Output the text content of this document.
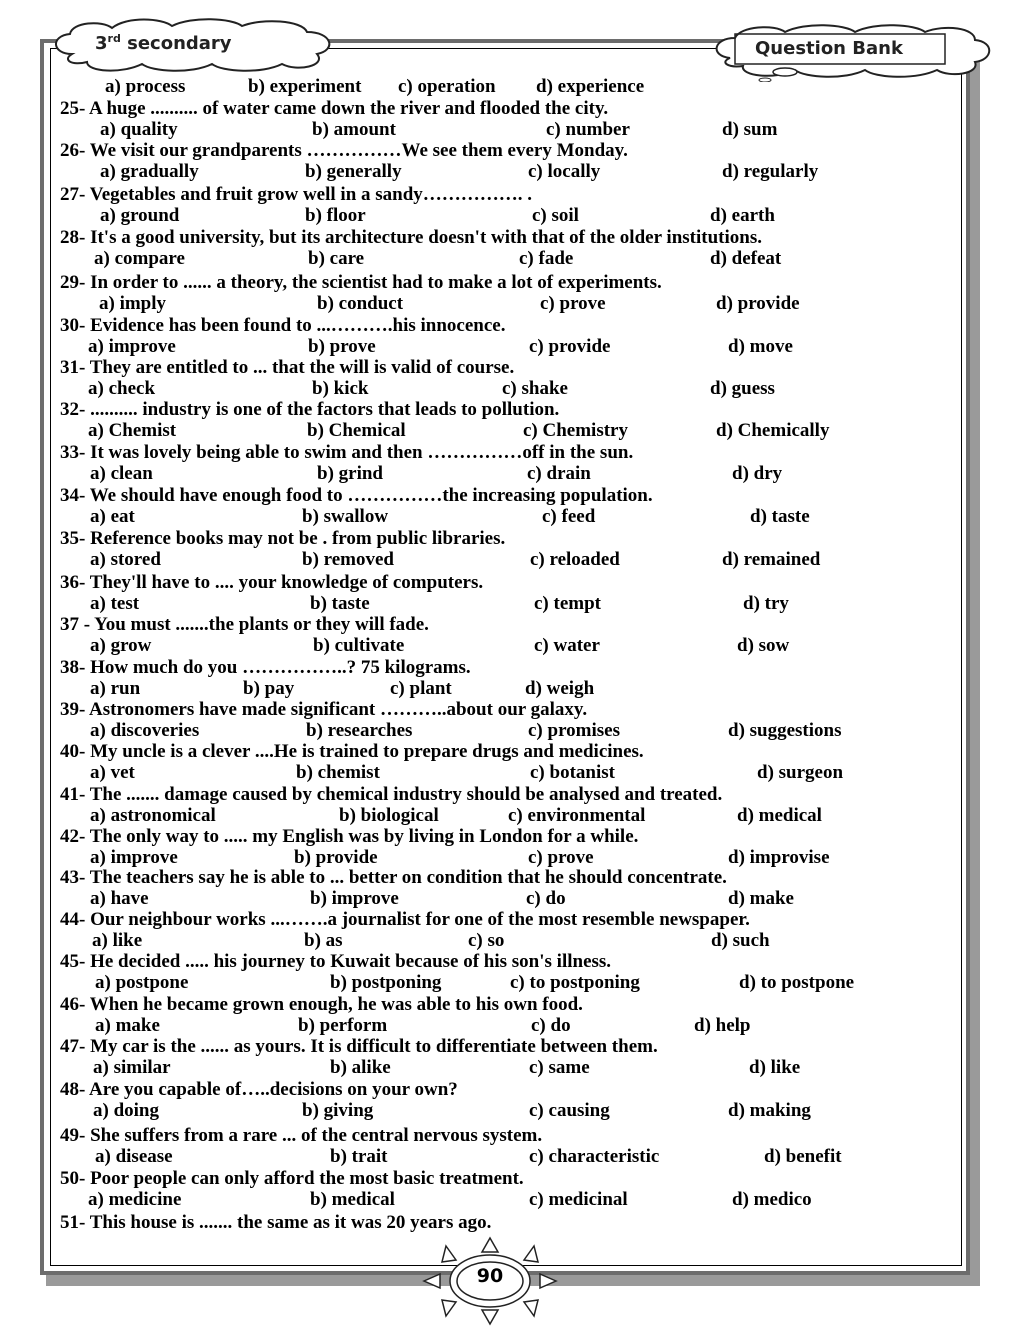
3rd secondary	Question Bank
a) process	b) experiment c) operation d) experience
25- A huge .......... of water came down the river and flooded the city.
a) quality	b) amount	c) number	d) sum
26- We visit our grandparents ……………We see them every Monday.
a) gradually	b) generally	c) locally	d) regularly
27- Vegetables and fruit grow well in a sandy……………. .
a) ground	b) floor	c) soil	d) earth
28- It's a good university, but its architecture doesn't with that of the older institutions.
a) compare	b) care	c) fade	d) defeat
29- In order to ...... a theory, the scientist had to make a lot of experiments.
a) imply	b) conduct	c) prove	d) provide
30- Evidence has been found to ...……….his innocence.
a) improve	b) prove	c) provide	d) move
31- They are entitled to ... that the will is valid of course.
a) check	b) kick	c) shake	d) guess
32- .......... industry is one of the factors that leads to pollution.
a) Chemist	b) Chemical	c) Chemistry	d) Chemically
33- It was lovely being able to swim and then ……………off in the sun.
a) clean	b) grind	c) drain	d) dry
34- We should have enough food to ……………the increasing population.
a) eat	b) swallow	c) feed	d) taste
35- Reference books may not be . from public libraries.
a) stored	b) removed	c) reloaded	d) remained
36- They'll have to .... your knowledge of computers.
a) test	b) taste	c) tempt	d) try
37 - You must .......the plants or they will fade.
a) grow	b) cultivate	c) water	d) sow
38- How much do you ……………..? 75 kilograms.
a) run	b) pay	c) plant	d) weigh
39- Astronomers have made significant ………..about our galaxy.
a) discoveries	b) researches	c) promises	d) suggestions
40- My uncle is a clever ....He is trained to prepare drugs and medicines.
a) vet	b) chemist	c) botanist	d) surgeon
41- The ....... damage caused by chemical industry should be analysed and treated.
a) astronomical	b) biological	c) environmental	d) medical
42- The only way to ..... my English was by living in London for a while.
a) improve	b) provide	c) prove	d) improvise
43- The teachers say he is able to ... better on condition that he should concentrate.
a) have	b) improve	c) do	d) make
44- Our neighbour works ...…….a journalist for one of the most resemble newspaper.
a) like	b) as	c) so	d) such
45- He decided ..... his journey to Kuwait because of his son's illness.
a) postpone	b) postponing	c) to postponing	d) to postpone
46- When he became grown enough, he was able to his own food.
a) make	b) perform	c) do	d) help
47- My car is the ...... as yours. It is difficult to differentiate between them.
a) similar	b) alike	c) same	d) like
48- Are you capable of…..decisions on your own?
a) doing	b) giving	c) causing	d) making
49- She suffers from a rare ... of the central nervous system.
a) disease	b) trait	c) characteristic	d) benefit
50- Poor people can only afford the most basic treatment.
a) medicine	b) medical	c) medicinal	d) medico
51- This house is ....... the same as it was 20 years ago.
90
